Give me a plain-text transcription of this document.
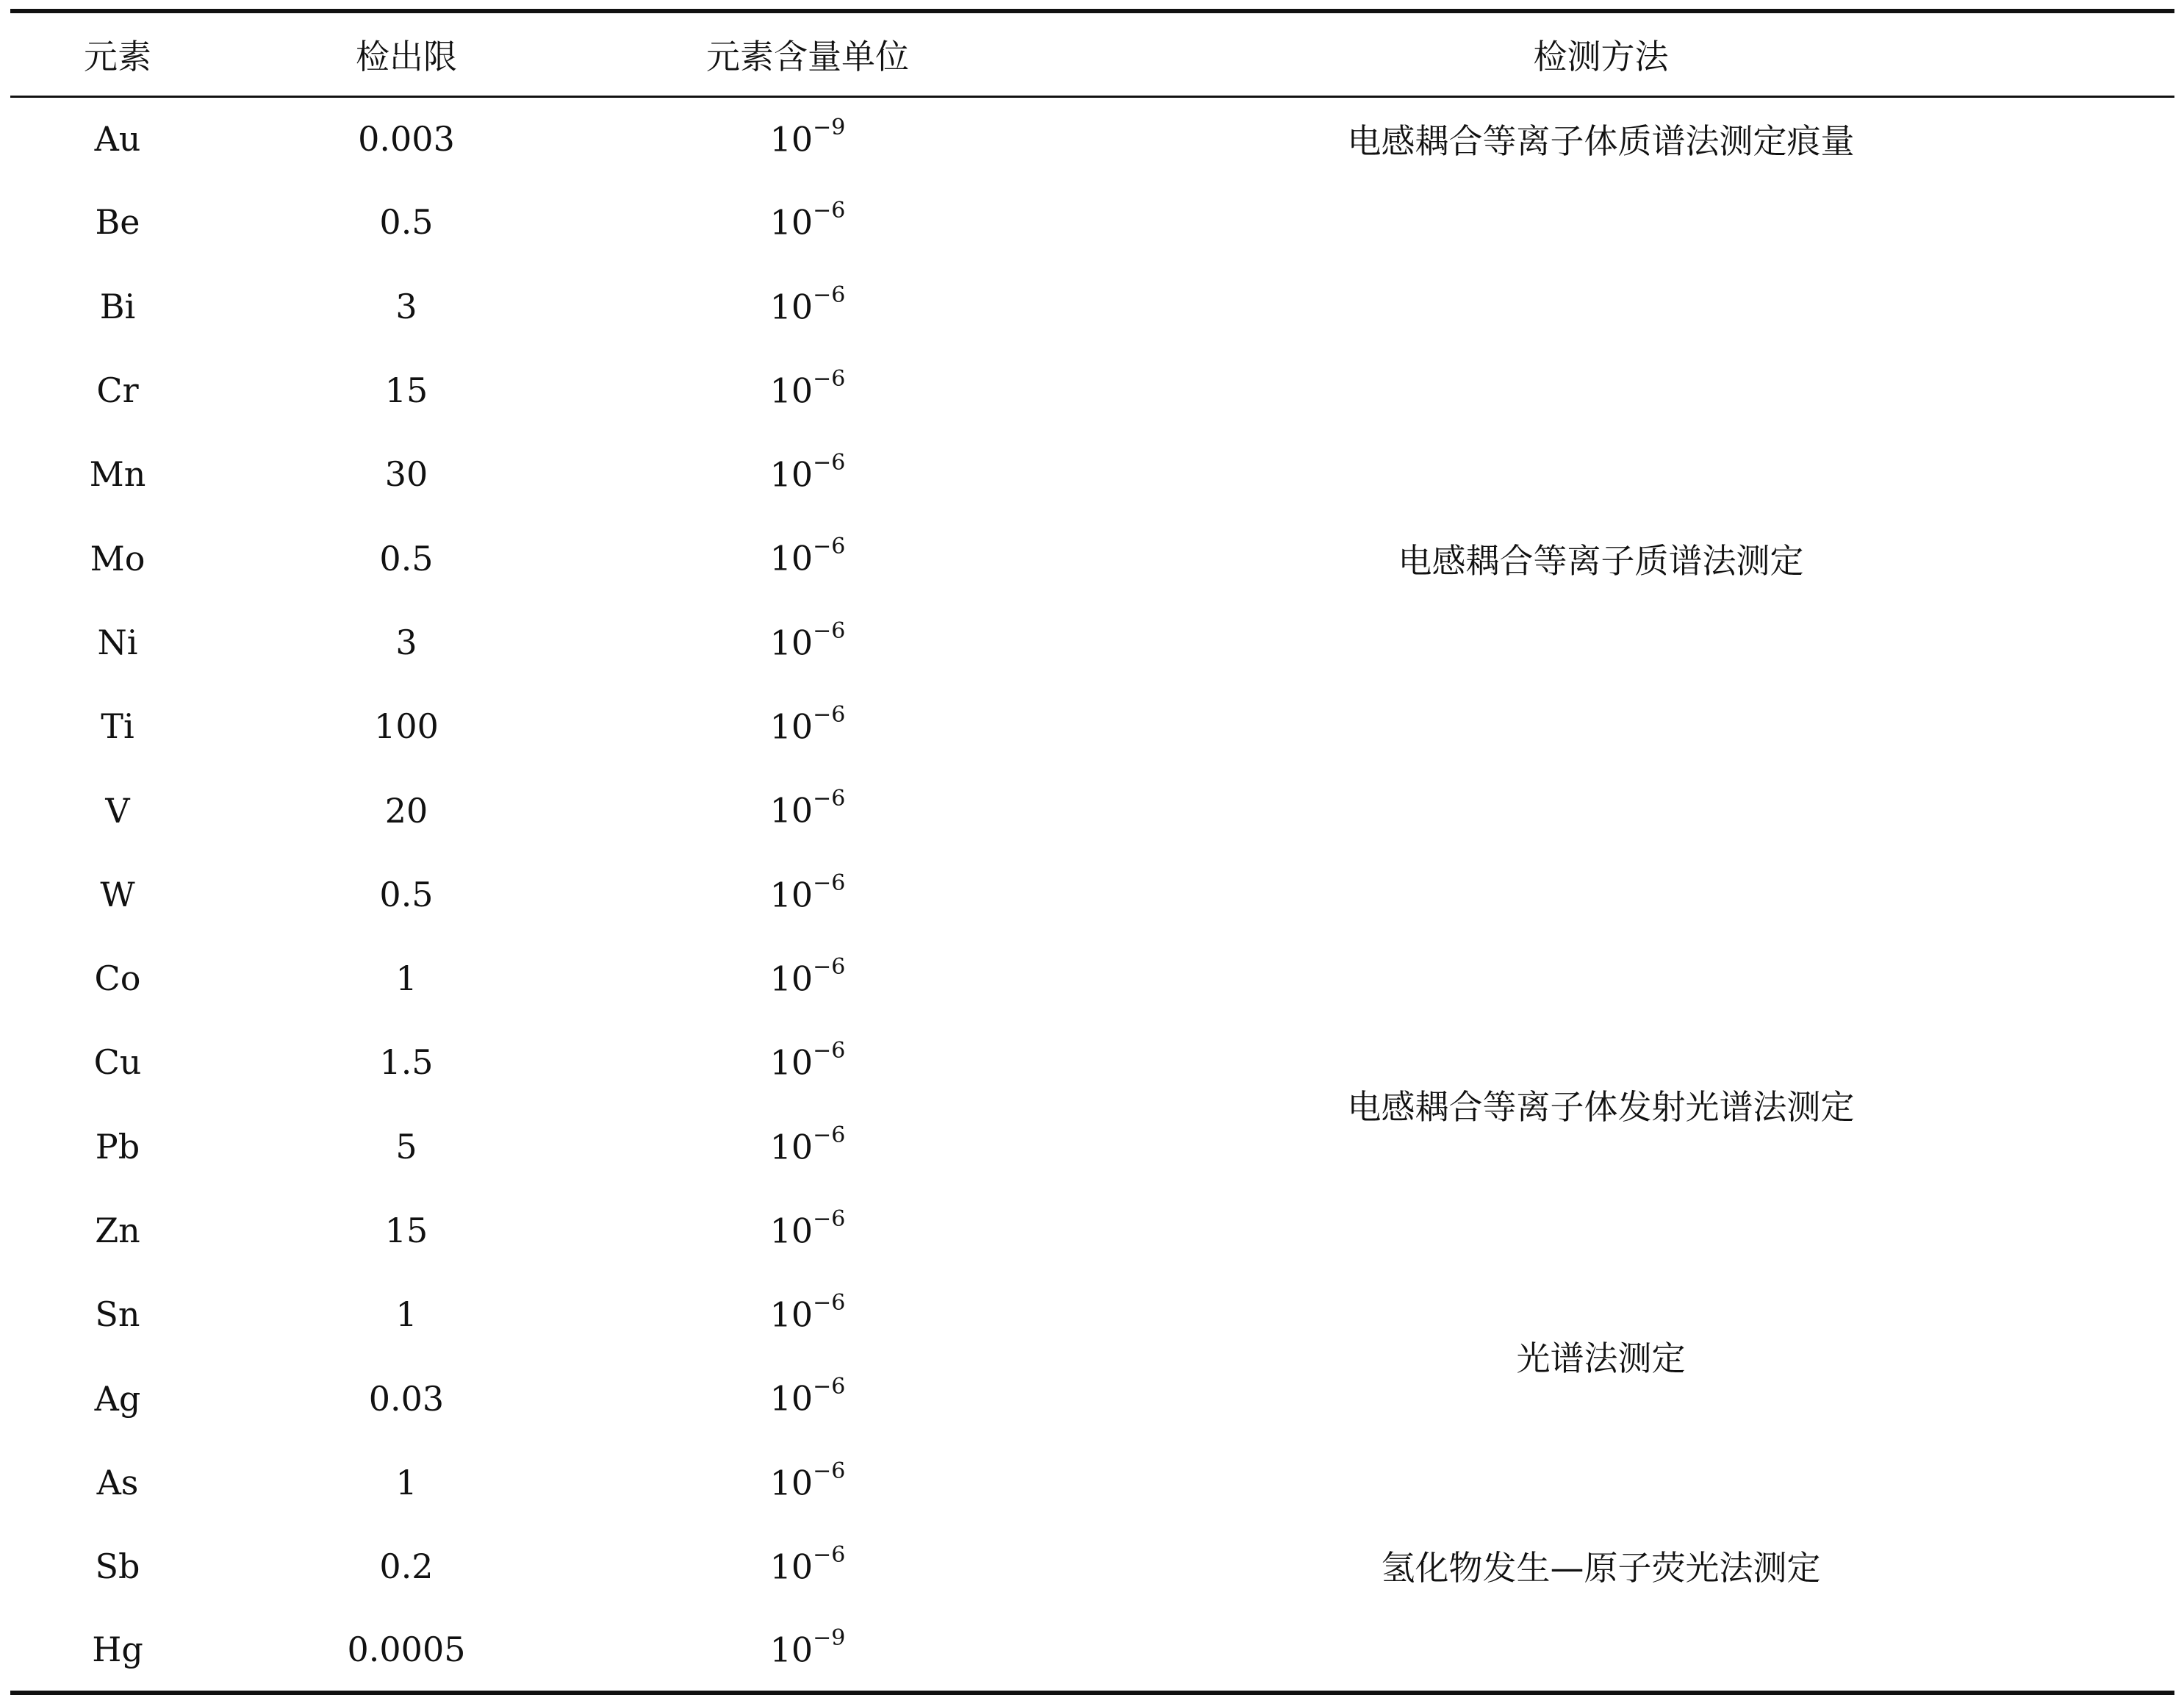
元素	检出限	元素含量单位	检测方法
Au	0.003	$10^{-9}$	电感耦合等离子体质谱法测定痕量
Be	0.5	$10^{-6}$	电感耦合等离子质谱法测定
Bi	3	$10^{-6}$
Cr	15	$10^{-6}$
Mn	30	$10^{-6}$
Mo	0.5	$10^{-6}$
Ni	3	$10^{-6}$
Ti	100	$10^{-6}$
V	20	$10^{-6}$
W	0.5	$10^{-6}$
Co	1	$10^{-6}$	电感耦合等离子体发射光谱法测定
Cu	1.5	$10^{-6}$
Pb	5	$10^{-6}$
Zn	15	$10^{-6}$
Sn	1	$10^{-6}$	光谱法测定
Ag	0.03	$10^{-6}$
As	1	$10^{-6}$	氢化物发生—原子荧光法测定
Sb	0.2	$10^{-6}$
Hg	0.0005	$10^{-9}$
